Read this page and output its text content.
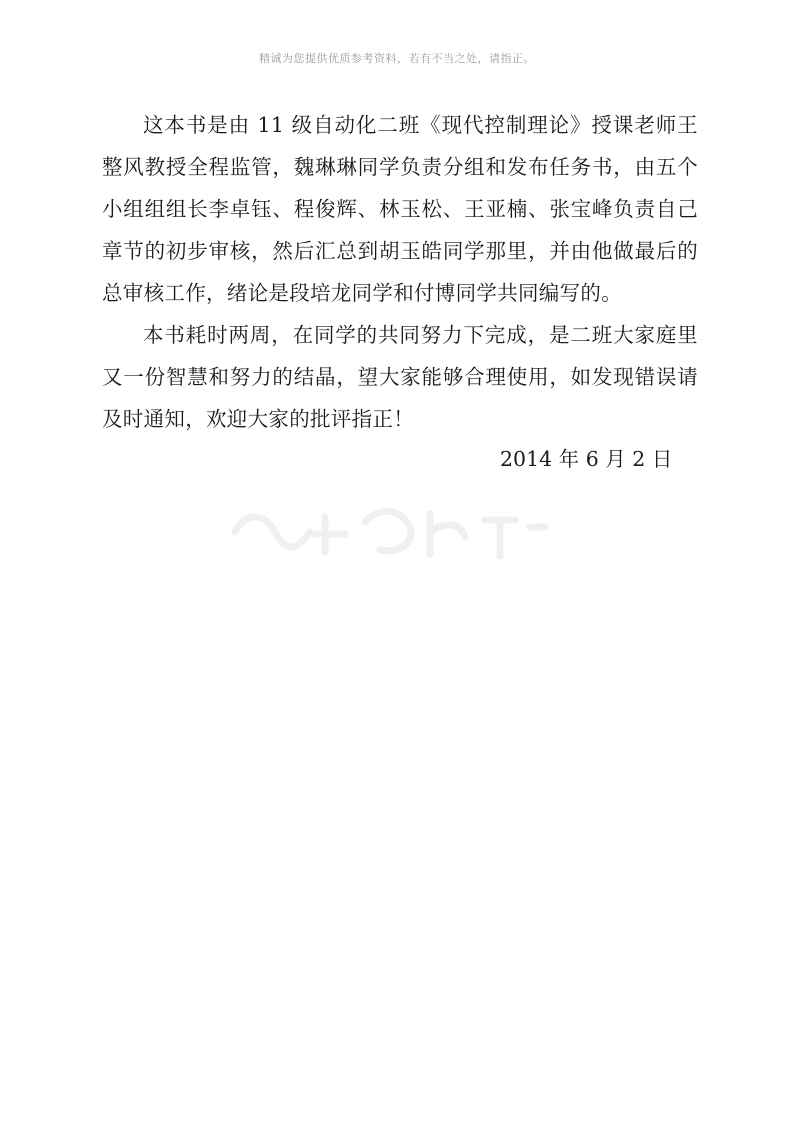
精诚为您提供优质参考资料，若有不当之处，请指正。

这本书是由 11 级自动化二班《现代控制理论》授课老师王整风教授全程监管，魏琳琳同学负责分组和发布任务书，由五个小组组组长李卓钰、程俊辉、林玉松、王亚楠、张宝峰负责自己章节的初步审核，然后汇总到胡玉皓同学那里，并由他做最后的总审核工作，绪论是段培龙同学和付博同学共同编写的。

本书耗时两周，在同学的共同努力下完成，是二班大家庭里又一份智慧和努力的结晶，望大家能够合理使用，如发现错误请及时通知，欢迎大家的批评指正！

2014 年 6 月 2 日
